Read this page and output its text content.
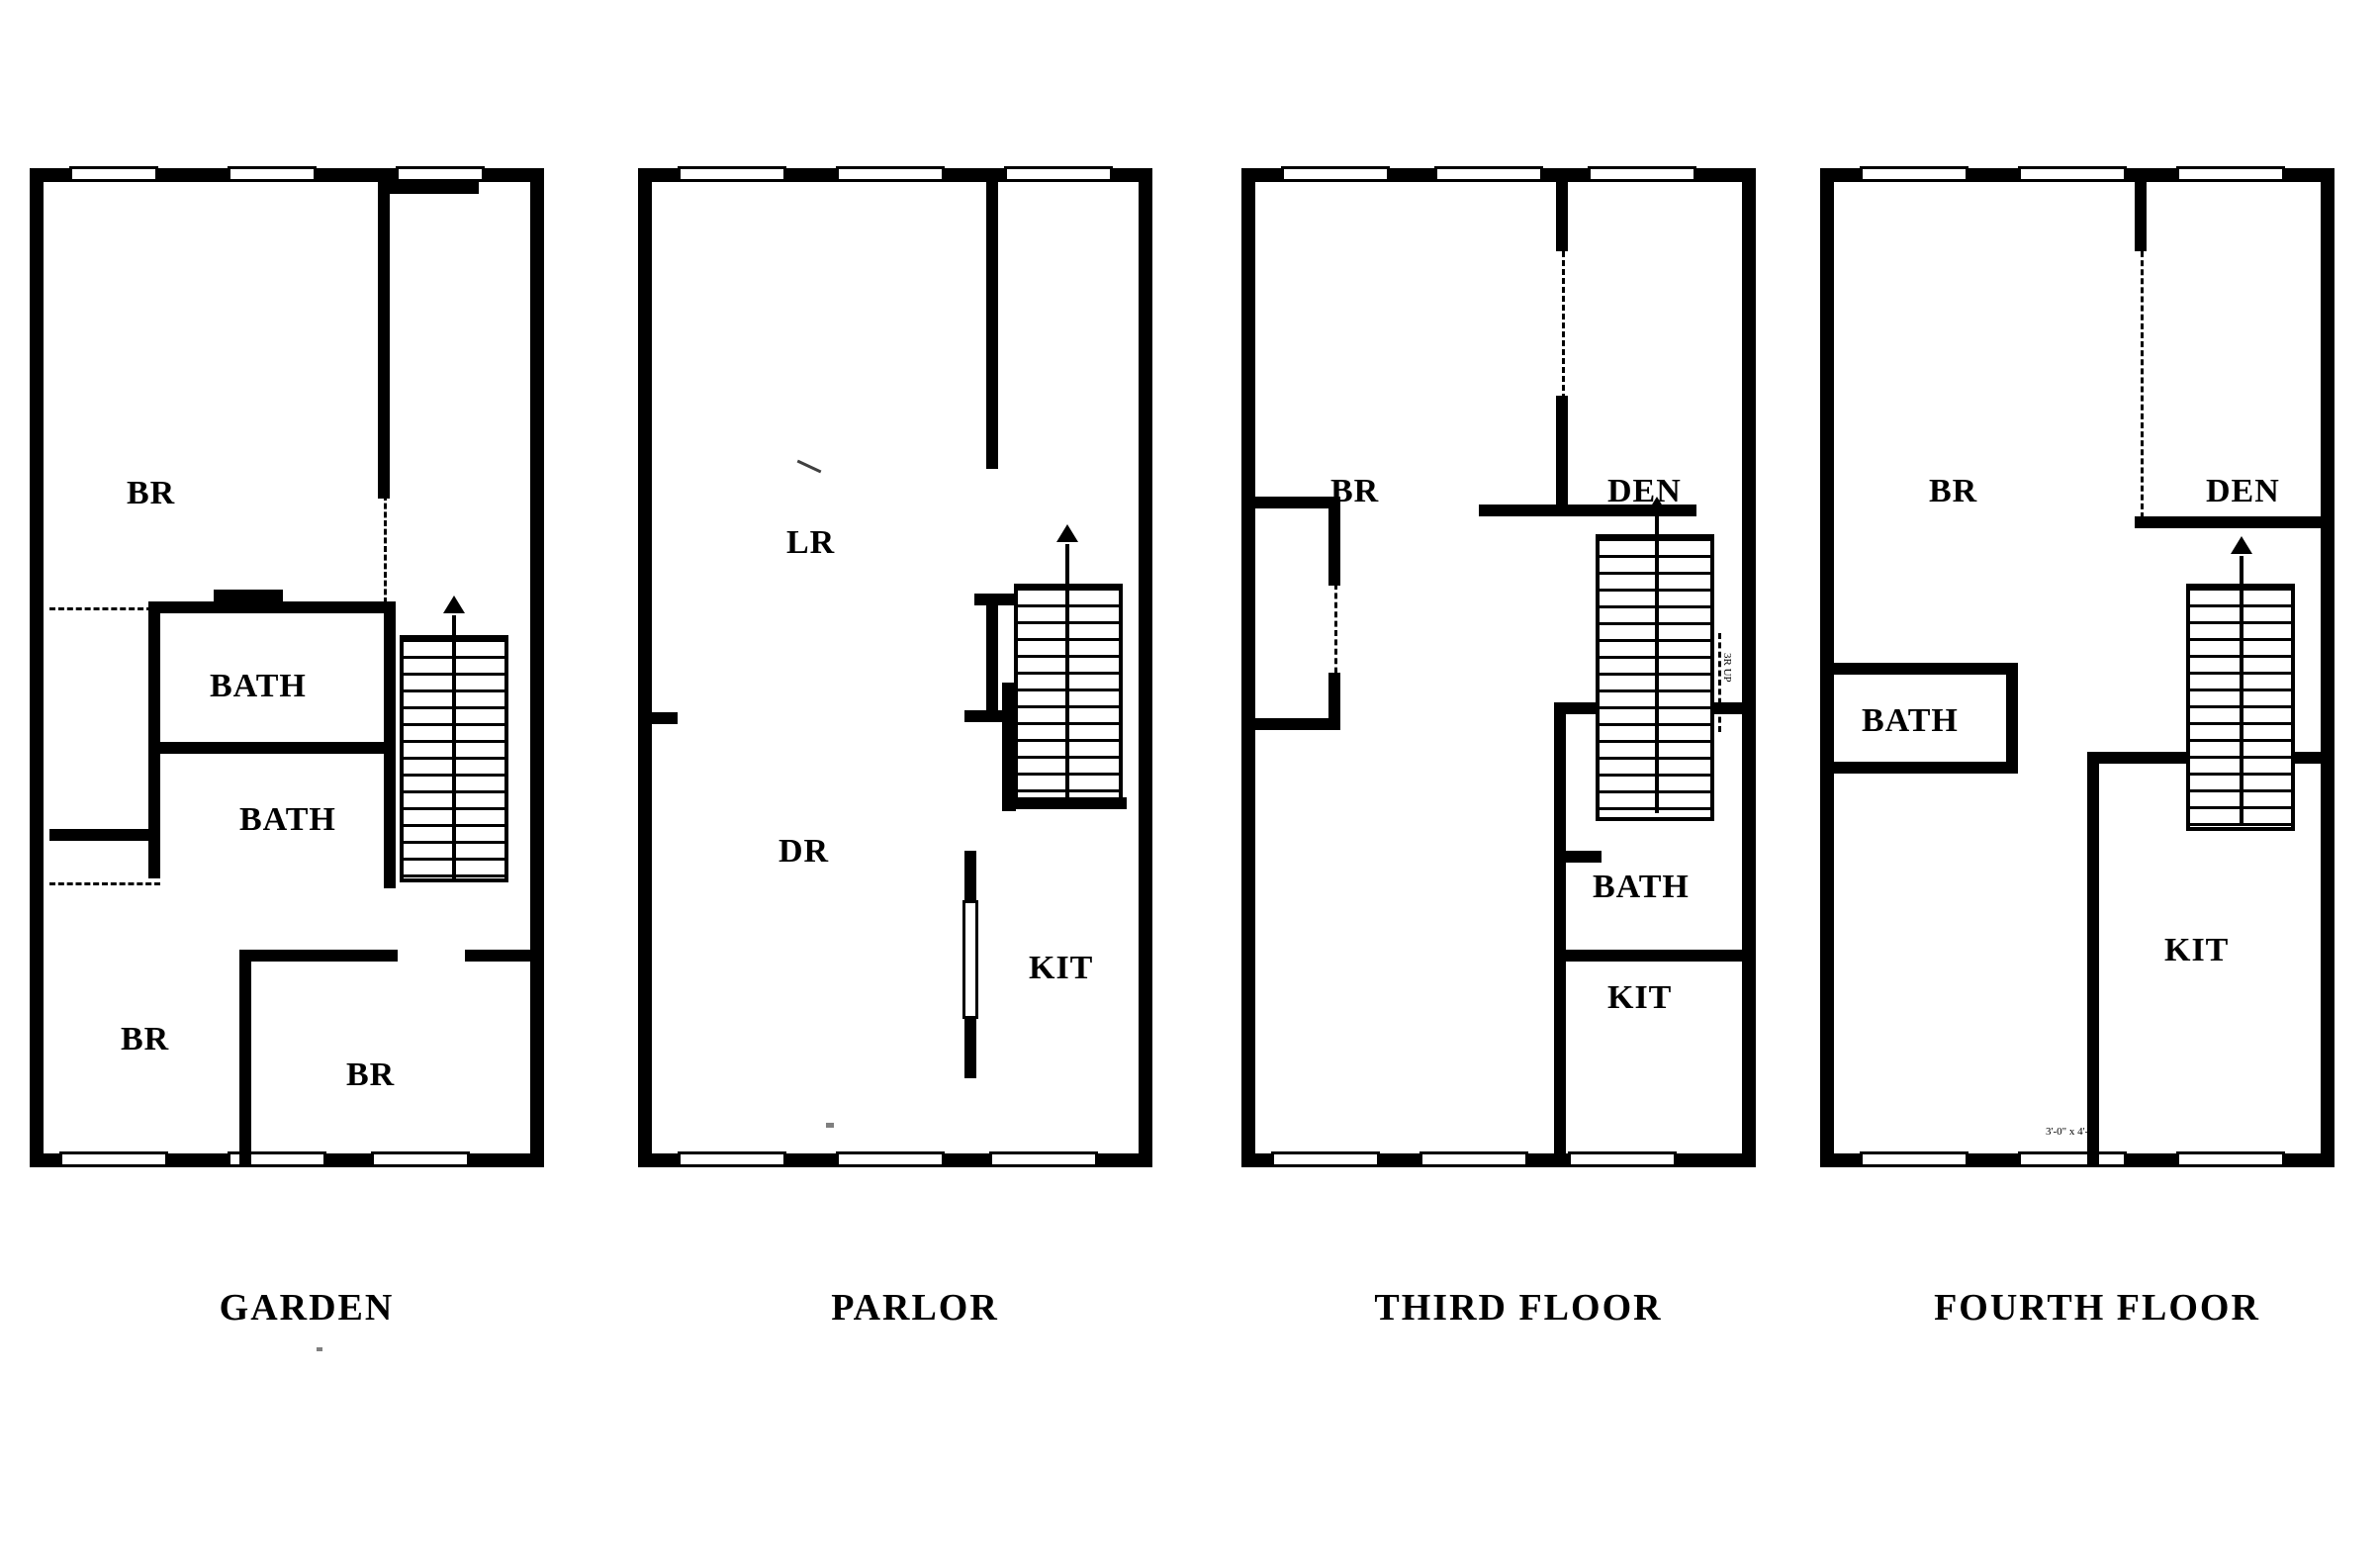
BR
BATH
BATH
BR
BR
GARDEN
LR
DR
KIT
PARLOR
3R UP
BR	DEN
BATH
KIT
THIRD FLOOR
BR	DEN
BATH
KIT
3'-0" x 4'-0"
FOURTH FLOOR
